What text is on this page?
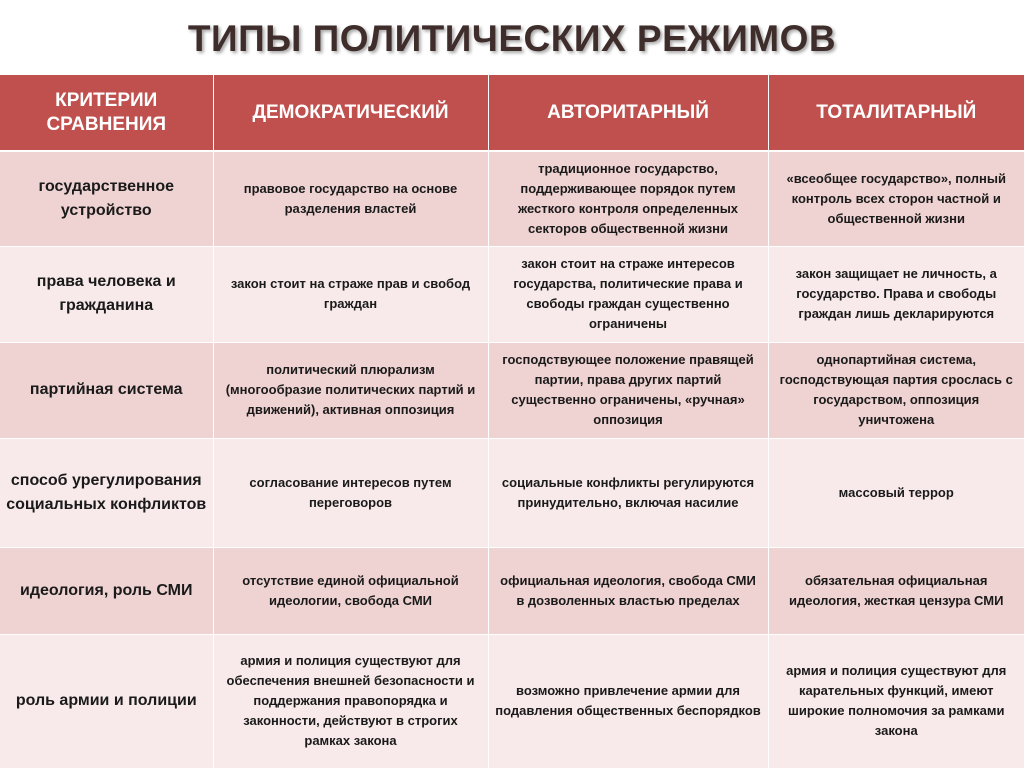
ТИПЫ ПОЛИТИЧЕСКИХ РЕЖИМОВ
КРИТЕРИИ СРАВНЕНИЯ	ДЕМОКРАТИЧЕСКИЙ	АВТОРИТАРНЫЙ	ТОТАЛИТАРНЫЙ
государственное устройство	правовое государство на основе разделения властей	традиционное государство, поддерживающее порядок путем жесткого контроля определенных секторов общественной жизни	«всеобщее государство», полный контроль всех сторон частной и общественной жизни
права человека и гражданина	закон стоит на страже прав и свобод граждан	закон стоит на страже интересов государства, политические права и свободы граждан существенно ограничены	закон защищает не личность, а государство. Права и свободы граждан лишь декларируются
партийная система	политический плюрализм (многообразие политических партий и движений), активная оппозиция	господствующее положение правящей партии, права других партий существенно ограничены, «ручная» оппозиция	однопартийная система, господствующая партия срослась с государством, оппозиция уничтожена
способ урегулирования социальных конфликтов	согласование интересов путем переговоров	социальные конфликты регулируются принудительно, включая насилие	массовый террор
идеология, роль СМИ	отсутствие единой официальной идеологии, свобода СМИ	официальная идеология, свобода СМИ в дозволенных властью пределах	обязательная официальная идеология, жесткая цензура СМИ
роль армии и полиции	армия и полиция существуют для обеспечения внешней безопасности и поддержания правопорядка и законности, действуют в строгих рамках закона	возможно привлечение армии для подавления общественных беспорядков	армия и полиция существуют для карательных функций, имеют широкие полномочия за рамками закона
